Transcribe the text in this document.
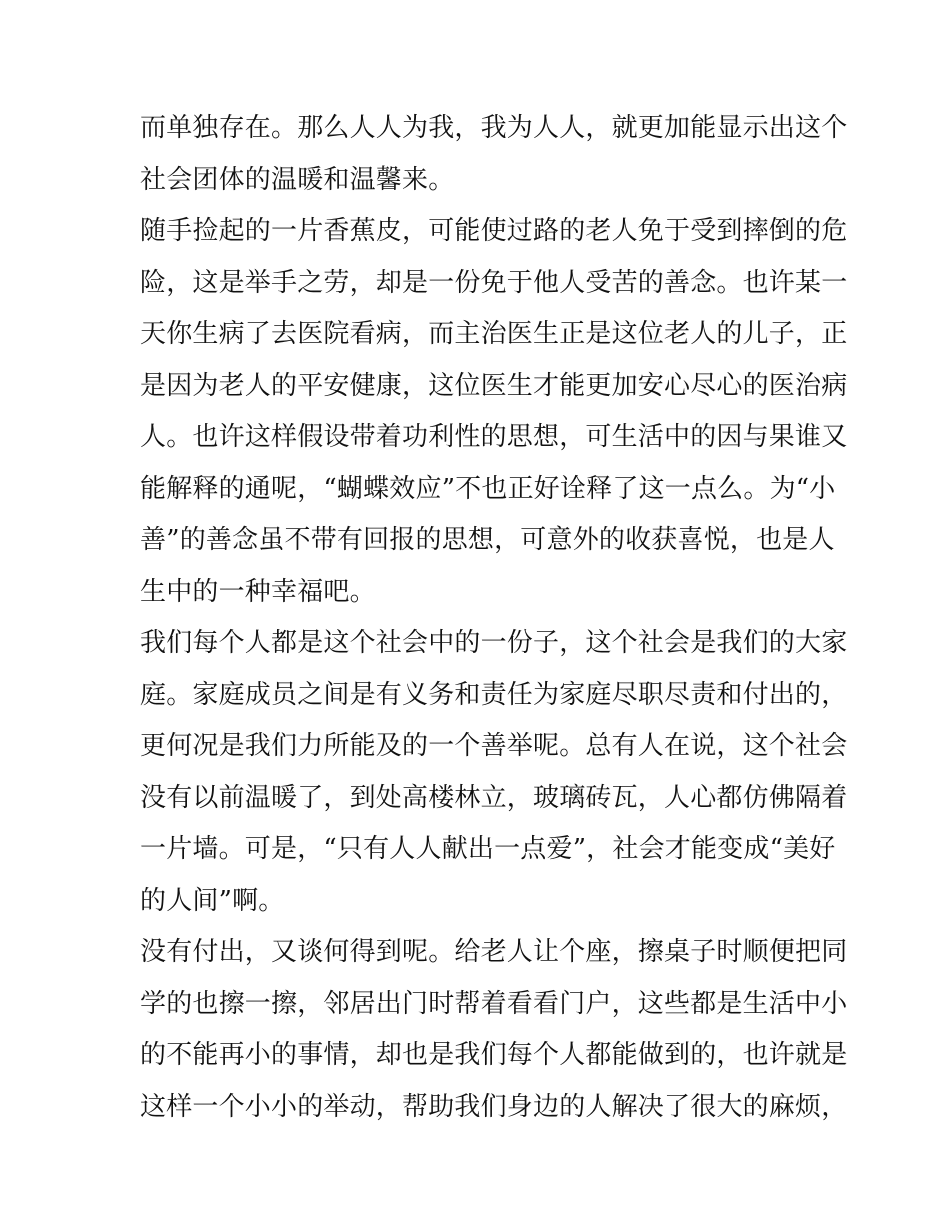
而单独存在。那么人人为我，我为人人，就更加能显示出这个
社会团体的温暖和温馨来。
随手捡起的一片香蕉皮，可能使过路的老人免于受到摔倒的危
险，这是举手之劳，却是一份免于他人受苦的善念。也许某一
天你生病了去医院看病，而主治医生正是这位老人的儿子，正
是因为老人的平安健康，这位医生才能更加安心尽心的医治病
人。也许这样假设带着功利性的思想，可生活中的因与果谁又
能解释的通呢，“蝴蝶效应”不也正好诠释了这一点么。为“小
善”的善念虽不带有回报的思想，可意外的收获喜悦，也是人
生中的一种幸福吧。
我们每个人都是这个社会中的一份子，这个社会是我们的大家
庭。家庭成员之间是有义务和责任为家庭尽职尽责和付出的，
更何况是我们力所能及的一个善举呢。总有人在说，这个社会
没有以前温暖了，到处高楼林立，玻璃砖瓦，人心都仿佛隔着
一片墙。可是，“只有人人献出一点爱”，社会才能变成“美好
的人间”啊。
没有付出，又谈何得到呢。给老人让个座，擦桌子时顺便把同
学的也擦一擦，邻居出门时帮着看看门户，这些都是生活中小
的不能再小的事情，却也是我们每个人都能做到的，也许就是
这样一个小小的举动，帮助我们身边的人解决了很大的麻烦，
